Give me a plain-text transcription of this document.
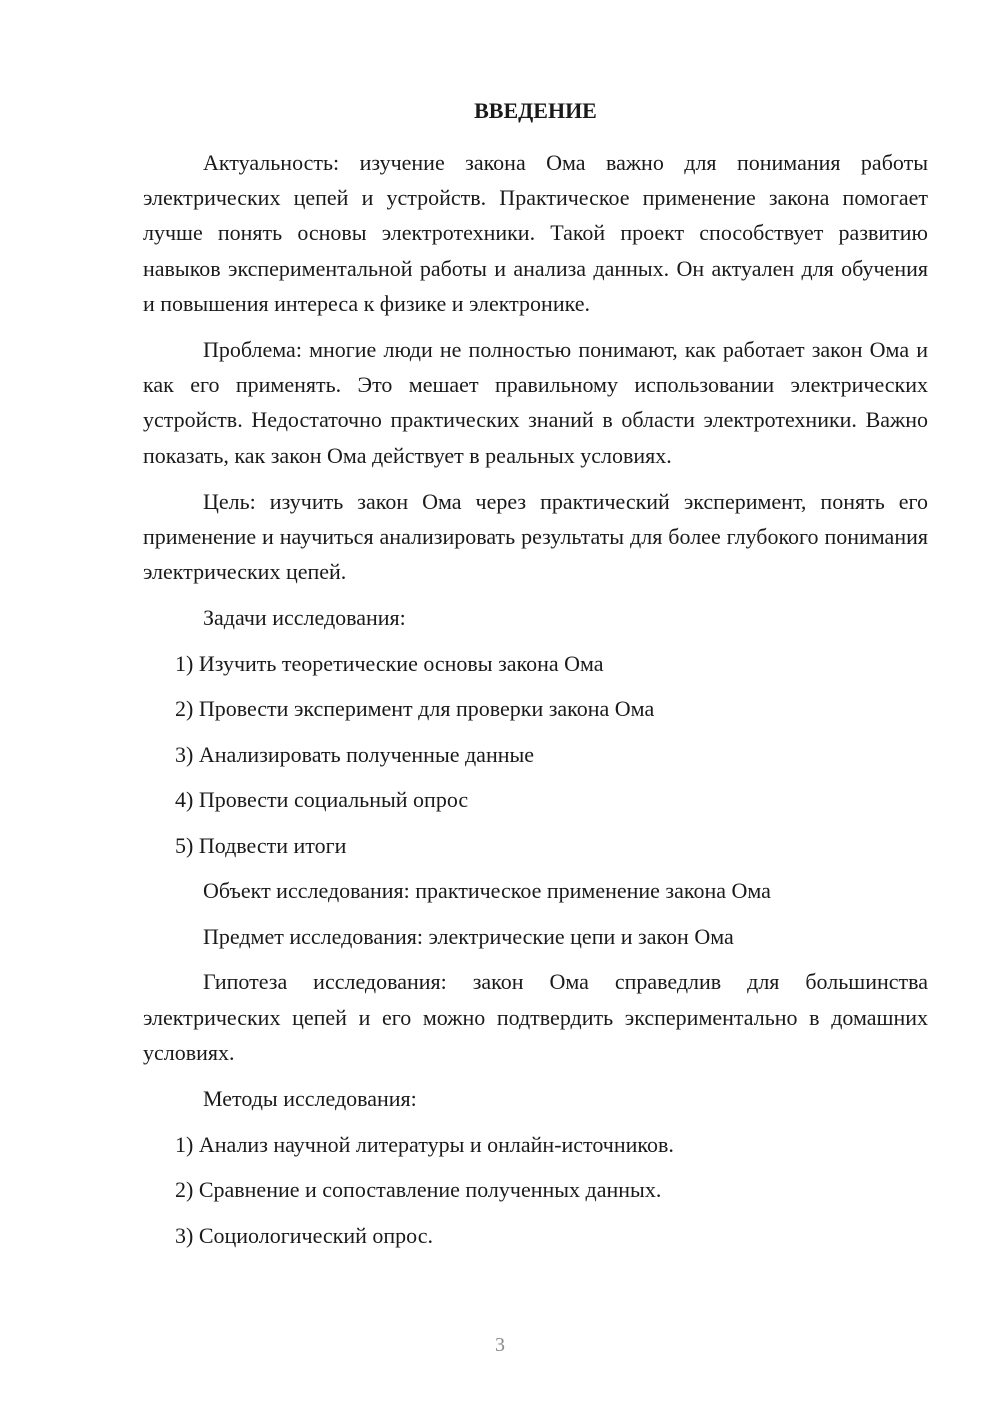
ВВЕДЕНИЕ

Актуальность: изучение закона Ома важно для понимания работы электрических цепей и устройств. Практическое применение закона помогает лучше понять основы электротехники. Такой проект способствует развитию навыков экспериментальной работы и анализа данных. Он актуален для обучения и повышения интереса к физике и электронике.

Проблема: многие люди не полностью понимают, как работает закон Ома и как его применять. Это мешает правильному использовании электрических устройств. Недостаточно практических знаний в области электротехники. Важно показать, как закон Ома действует в реальных условиях.

Цель: изучить закон Ома через практический эксперимент, понять его применение и научиться анализировать результаты для более глубокого понимания электрических цепей.

Задачи исследования:
1) Изучить теоретические основы закона Ома
2) Провести эксперимент для проверки закона Ома
3) Анализировать полученные данные
4) Провести социальный опрос
5) Подвести итоги
Объект исследования: практическое применение закона Ома
Предмет исследования: электрические цепи и закон Ома

Гипотеза исследования: закон Ома справедлив для большинства электрических цепей и его можно подтвердить экспериментально в домашних условиях.

Методы исследования:
1) Анализ научной литературы и онлайн-источников.
2) Сравнение и сопоставление полученных данных.
3) Социологический опрос.
3
